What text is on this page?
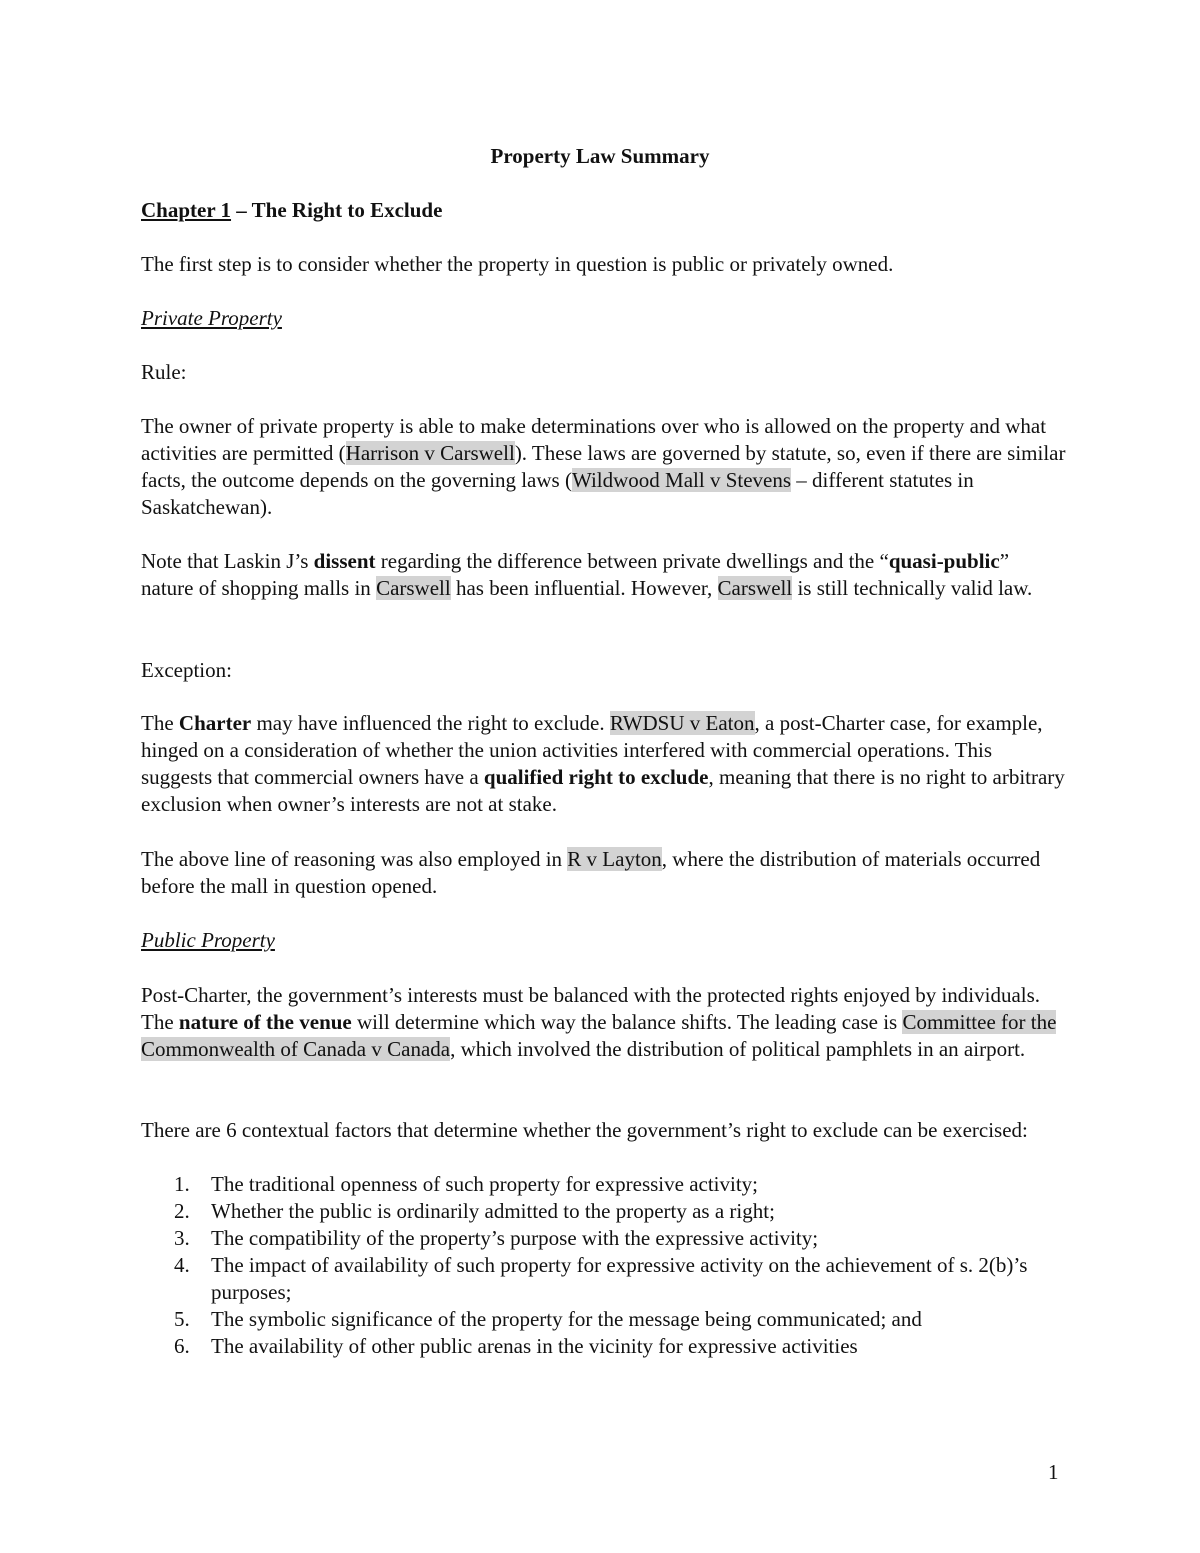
Property Law Summary

Chapter 1 – The Right to Exclude

The first step is to consider whether the property in question is public or privately owned.

Private Property

Rule:

The owner of private property is able to make determinations over who is allowed on the property and what activities are permitted (Harrison v Carswell). These laws are governed by statute, so, even if there are similar facts, the outcome depends on the governing laws (Wildwood Mall v Stevens – different statutes in Saskatchewan).

Note that Laskin J’s dissent regarding the difference between private dwellings and the “quasi-public” nature of shopping malls in Carswell has been influential. However, Carswell is still technically valid law.

Exception:

The Charter may have influenced the right to exclude. RWDSU v Eaton, a post-Charter case, for example, hinged on a consideration of whether the union activities interfered with commercial operations. This suggests that commercial owners have a qualified right to exclude, meaning that there is no right to arbitrary exclusion when owner’s interests are not at stake.

The above line of reasoning was also employed in R v Layton, where the distribution of materials occurred before the mall in question opened.

Public Property

Post-Charter, the government’s interests must be balanced with the protected rights enjoyed by individuals. The nature of the venue will determine which way the balance shifts. The leading case is Committee for the Commonwealth of Canada v Canada, which involved the distribution of political pamphlets in an airport.

There are 6 contextual factors that determine whether the government’s right to exclude can be exercised:

1. The traditional openness of such property for expressive activity;
2. Whether the public is ordinarily admitted to the property as a right;
3. The compatibility of the property’s purpose with the expressive activity;
4. The impact of availability of such property for expressive activity on the achievement of s. 2(b)’s purposes;
5. The symbolic significance of the property for the message being communicated; and
6. The availability of other public arenas in the vicinity for expressive activities
1
